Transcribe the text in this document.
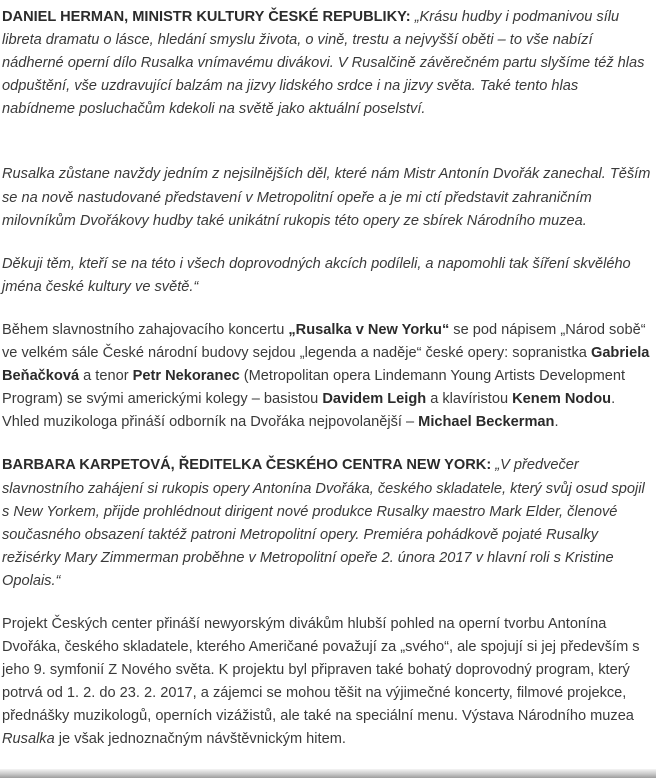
DANIEL HERMAN, MINISTR KULTURY ČESKÉ REPUBLIKY: „Krásu hudby i podmanivou sílu libreta dramatu o lásce, hledání smyslu života, o vině, trestu a nejvyšší oběti – to vše nabízí nádherné operní dílo Rusalka vnímavému divákovi. V Rusalčině závěrečném partu slyšíme též hlas odpuštění, vše uzdravující balzám na jizvy lidského srdce i na jizvy světa. Také tento hlas nabídneme posluchačům kdekoli na světě jako aktuální poselství.

Rusalka zůstane navždy jedním z nejsilnějších děl, které nám Mistr Antonín Dvořák zanechal. Těším se na nově nastudované představení v Metropolitní opeře a je mi ctí představit zahraničním milovníkům Dvořákovy hudby také unikátní rukopis této opery ze sbírek Národního muzea.

Děkuji těm, kteří se na této i všech doprovodných akcích podíleli, a napomohli tak šíření skvělého jména české kultury ve světě.“

Během slavnostního zahajovacího koncertu „Rusalka v New Yorku“ se pod nápisem „Národ sobě“ ve velkém sále České národní budovy sejdou „legenda a naděje“ české opery: sopranistka Gabriela Beňačková a tenor Petr Nekoranec (Metropolitan opera Lindemann Young Artists Development Program) se svými americkými kolegy – basistou Davidem Leigh a klavíristou Kenem Nodou. Vhled muzikologa přináší odborník na Dvořáka nejpovolanější – Michael Beckerman.

BARBARA KARPETOVÁ, ŘEDITELKA ČESKÉHO CENTRA NEW YORK: „V předvečer slavnostního zahájení si rukopis opery Antonína Dvořáka, českého skladatele, který svůj osud spojil s New Yorkem, přijde prohlédnout dirigent nové produkce Rusalky maestro Mark Elder, členové současného obsazení taktéž patroni Metropolitní opery. Premiéra pohádkově pojaté Rusalky režisérky Mary Zimmerman proběhne v Metropolitní opeře 2. února 2017 v hlavní roli s Kristine Opolais.“

Projekt Českých center přináší newyorským divákům hlubší pohled na operní tvorbu Antonína Dvořáka, českého skladatele, kterého Američané považují za „svého“, ale spojují si jej především s jeho 9. symfonií Z Nového světa. K projektu byl připraven také bohatý doprovodný program, který potrvá od 1. 2. do 23. 2. 2017, a zájemci se mohou těšit na výjimečné koncerty, filmové projekce, přednášky muzikologů, operních vizážistů, ale také na speciální menu. Výstava Národního muzea Rusalka je však jednoznačným návštěvnickým hitem.
